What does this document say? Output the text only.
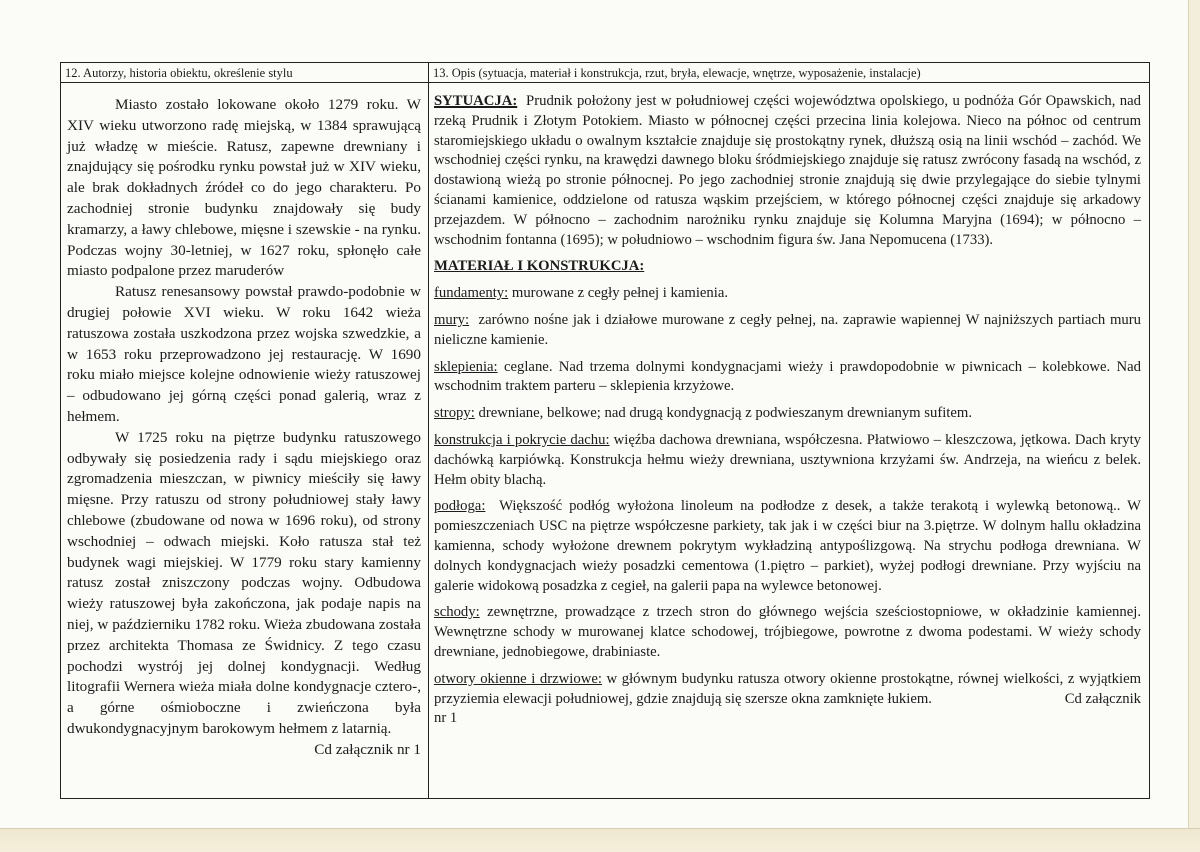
12. Autorzy, historia obiektu, określenie stylu

Miasto zostało lokowane około 1279 roku. W XIV wieku utworzono radę miejską, w 1384 sprawującą już władzę w mieście. Ratusz, zapewne drewniany i znajdujący się pośrodku rynku powstał już w XIV wieku, ale brak dokładnych źródeł co do jego charakteru. Po zachodniej stronie budynku znajdowały się budy kramarzy, a ławy chlebowe, mięsne i szewskie - na rynku. Podczas wojny 30-letniej, w 1627 roku, spłonęło całe miasto podpalone przez maruderów

Ratusz renesansowy powstał prawdo-podobnie w drugiej połowie XVI wieku. W roku 1642 wieża ratuszowa została uszkodzona przez wojska szwedzkie, a w 1653 roku przeprowadzono jej restaurację. W 1690 roku miało miejsce kolejne odnowienie wieży ratuszowej – odbudowano jej górną części ponad galerią, wraz z hełmem.

W 1725 roku na piętrze budynku ratuszowego odbywały się posiedzenia rady i sądu miejskiego oraz zgromadzenia mieszczan, w piwnicy mieściły się ławy mięsne. Przy ratuszu od strony południowej stały ławy chlebowe (zbudowane od nowa w 1696 roku), od strony wschodniej – odwach miejski. Koło ratusza stał też budynek wagi miejskiej. W 1779 roku stary kamienny ratusz został zniszczony podczas wojny. Odbudowa wieży ratuszowej była zakończona, jak podaje napis na niej, w październiku 1782 roku. Wieża zbudowana została przez architekta Thomasa ze Świdnicy. Z tego czasu pochodzi wystrój jej dolnej kondygnacji. Według litografii Wernera wieża miała dolne kondygnacje cztero-, a górne ośmioboczne i zwieńczona była dwukondygnacyjnym barokowym hełmem z latarnią.
Cd załącznik nr 1

13. Opis (sytuacja, materiał i konstrukcja, rzut, bryła, elewacje, wnętrze, wyposażenie, instalacje)

SYTUACJA: Prudnik położony jest w południowej części województwa opolskiego, u podnóża Gór Opawskich, nad rzeką Prudnik i Złotym Potokiem. Miasto w północnej części przecina linia kolejowa. Nieco na północ od centrum staromiejskiego układu o owalnym kształcie znajduje się prostokątny rynek, dłuższą osią na linii wschód – zachód. We wschodniej części rynku, na krawędzi dawnego bloku śródmiejskiego znajduje się ratusz zwrócony fasadą na wschód, z dostawioną wieżą po stronie północnej. Po jego zachodniej stronie znajdują się dwie przylegające do siebie tylnymi ścianami kamienice, oddzielone od ratusza wąskim przejściem, w którego północnej części znajduje się arkadowy przejazdem. W północno – zachodnim narożniku rynku znajduje się Kolumna Maryjna (1694); w północno – wschodnim fontanna (1695); w południowo – wschodnim figura św. Jana Nepomucena (1733).

MATERIAŁ I KONSTRUKCJA:

fundamenty: murowane z cegły pełnej i kamienia.

mury: zarówno nośne jak i działowe murowane z cegły pełnej, na. zaprawie wapiennej W najniższych partiach muru nieliczne kamienie.

sklepienia: ceglane. Nad trzema dolnymi kondygnacjami wieży i prawdopodobnie w piwnicach – kolebkowe. Nad wschodnim traktem parteru – sklepienia krzyżowe.

stropy: drewniane, belkowe; nad drugą kondygnacją z podwieszanym drewnianym sufitem.

konstrukcja i pokrycie dachu: więźba dachowa drewniana, współczesna. Płatwiowo – kleszczowa, jętkowa. Dach kryty dachówką karpiówką. Konstrukcja hełmu wieży drewniana, usztywniona krzyżami św. Andrzeja, na wieńcu z belek. Hełm obity blachą.

podłoga: Większość podłóg wyłożona linoleum na podłodze z desek, a także terakotą i wylewką betonową.. W pomieszczeniach USC na piętrze współczesne parkiety, tak jak i w części biur na 3.piętrze. W dolnym hallu okładzina kamienna, schody wyłożone drewnem pokrytym wykładziną antypoślizgową. Na strychu podłoga drewniana. W dolnych kondygnacjach wieży posadzki cementowa (1.piętro – parkiet), wyżej podłogi drewniane. Przy wyjściu na galerie widokową posadzka z cegieł, na galerii papa na wylewce betonowej.

schody: zewnętrzne, prowadzące z trzech stron do głównego wejścia sześciostopniowe, w okładzinie kamiennej. Wewnętrzne schody w murowanej klatce schodowej, trójbiegowe, powrotne z dwoma podestami. W wieży schody drewniane, jednobiegowe, drabiniaste.

otwory okienne i drzwiowe: w głównym budynku ratusza otwory okienne prostokątne, równej wielkości, z wyjątkiem przyziemia elewacji południowej, gdzie znajdują się szersze okna zamknięte łukiem.	Cd załącznik

nr 1
